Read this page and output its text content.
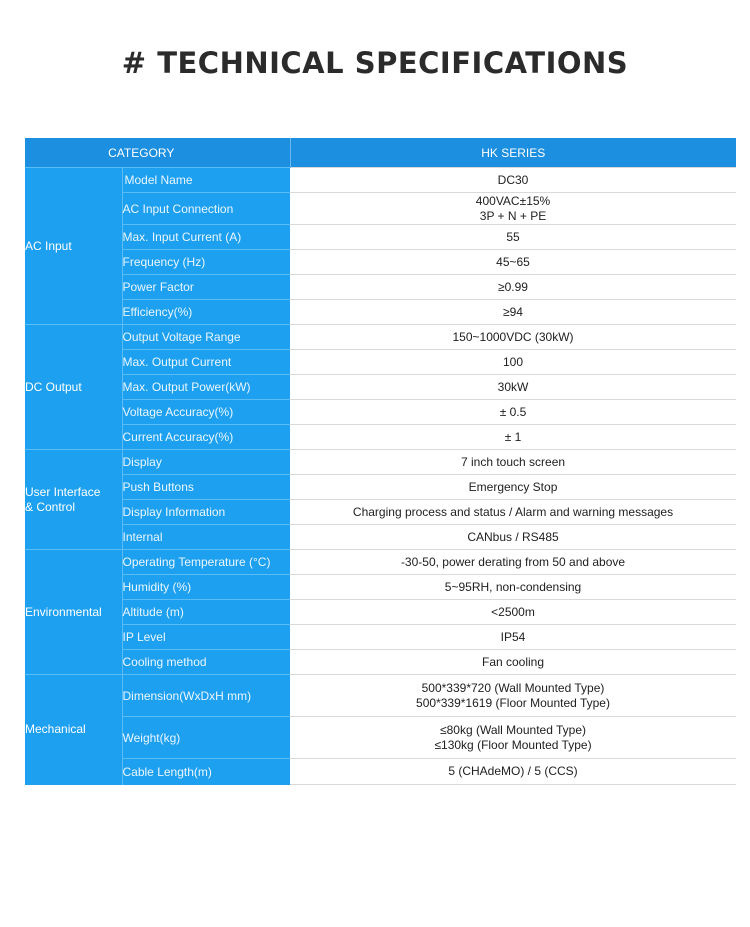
# TECHNICAL SPECIFICATIONS
CATEGORY		HK SERIES
AC Input	Model Name	DC30
	AC Input Connection	400VAC±15%
3P + N + PE

	Max. Input Current (A)	55
	Frequency (Hz)	45~65
	Power Factor	≥0.99
	Efficiency(%)	≥94
DC Output	Output Voltage Range	150~1000VDC (30kW)
	Max. Output Current	100
	Max. Output Power(kW)	30kW
	Voltage Accuracy(%)	± 0.5
	Current Accuracy(%)	± 1

User Interface
& Control	Display	7 inch touch screen
	Push Buttons	Emergency Stop
	Display Information	Charging process and status / Alarm and warning messages
	Internal	CANbus / RS485
Environmental	Operating Temperature (°C)	-30-50, power derating from 50 and above
	Humidity (%)	5~95RH, non-condensing
	Altitude (m)	<2500m
	IP Level	IP54
	Cooling method	Fan cooling
Mechanical	Dimension(WxDxH mm)	500*339*720 (Wall Mounted Type)
500*339*1619 (Floor Mounted Type)

	Weight(kg)	≤80kg (Wall Mounted Type)
≤130kg (Floor Mounted Type)

	Cable Length(m)	5 (CHAdeMO) / 5 (CCS)
